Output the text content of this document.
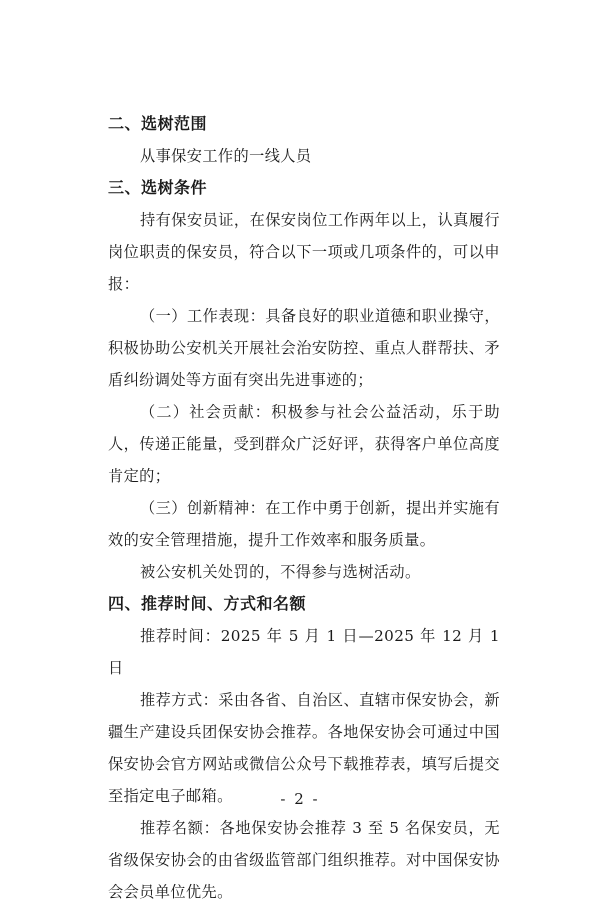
二、选树范围

从事保安工作的一线人员

三、选树条件

持有保安员证，在保安岗位工作两年以上，认真履行岗位职责的保安员，符合以下一项或几项条件的，可以申报：

（一）工作表现：具备良好的职业道德和职业操守，积极协助公安机关开展社会治安防控、重点人群帮扶、矛盾纠纷调处等方面有突出先进事迹的；

（二）社会贡献：积极参与社会公益活动，乐于助人，传递正能量，受到群众广泛好评，获得客户单位高度肯定的；

（三）创新精神：在工作中勇于创新，提出并实施有效的安全管理措施，提升工作效率和服务质量。

被公安机关处罚的，不得参与选树活动。

四、推荐时间、方式和名额

推荐时间：2025 年 5 月 1 日—2025 年 12 月 1 日

推荐方式：采由各省、自治区、直辖市保安协会，新疆生产建设兵团保安协会推荐。各地保安协会可通过中国保安协会官方网站或微信公众号下载推荐表，填写后提交至指定电子邮箱。

推荐名额：各地保安协会推荐 3 至 5 名保安员，无省级保安协会的由省级监管部门组织推荐。对中国保安协会会员单位优先。

- 2 -
